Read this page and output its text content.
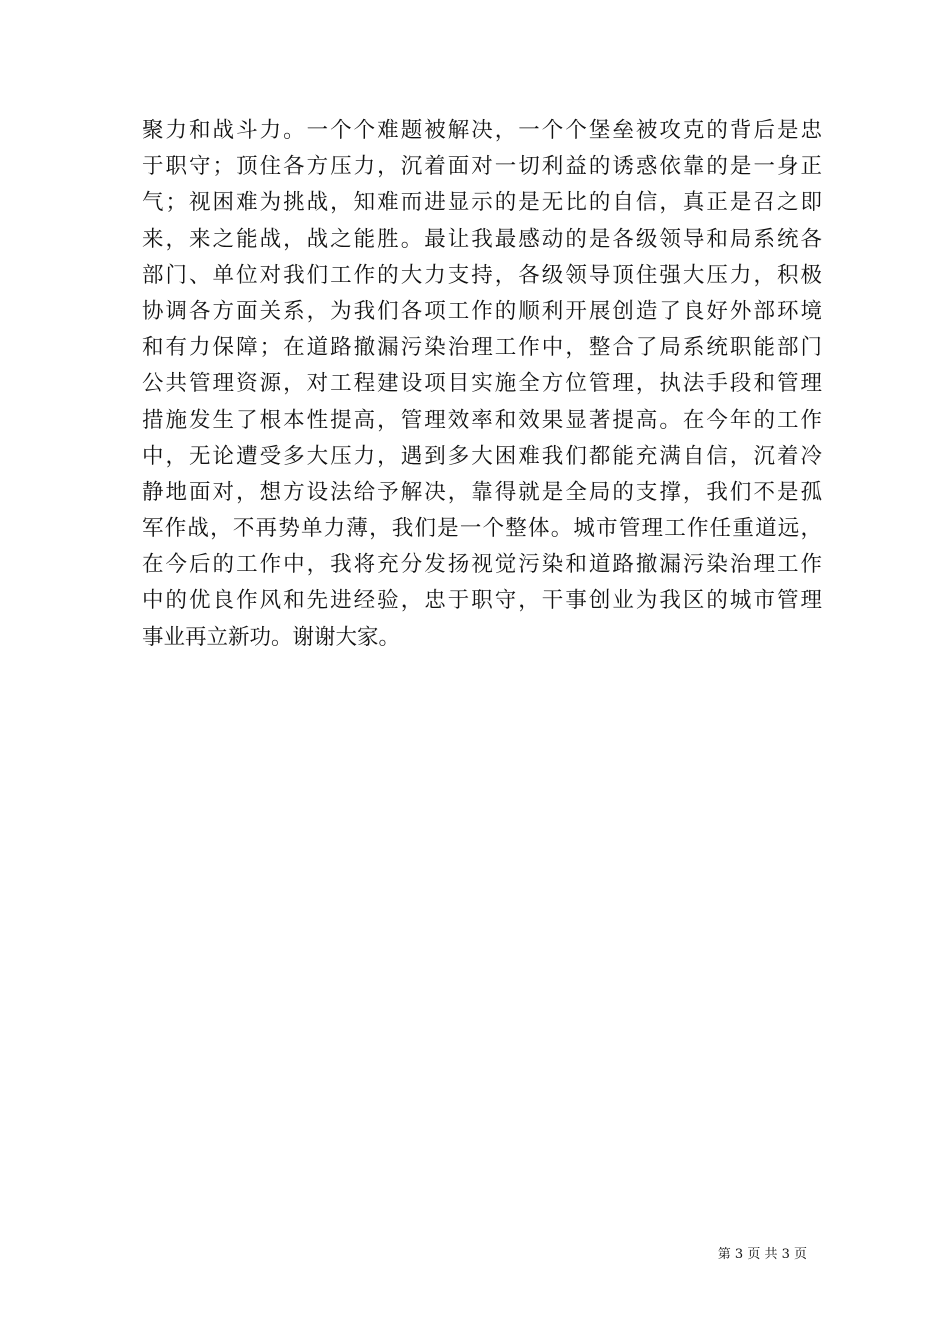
聚力和战斗力。一个个难题被解决，一个个堡垒被攻克的背后是忠
于职守；顶住各方压力，沉着面对一切利益的诱惑依靠的是一身正
气；视困难为挑战，知难而进显示的是无比的自信，真正是召之即
来，来之能战，战之能胜。最让我最感动的是各级领导和局系统各
部门、单位对我们工作的大力支持，各级领导顶住强大压力，积极
协调各方面关系，为我们各项工作的顺利开展创造了良好外部环境
和有力保障；在道路撤漏污染治理工作中，整合了局系统职能部门
公共管理资源，对工程建设项目实施全方位管理，执法手段和管理
措施发生了根本性提高，管理效率和效果显著提高。在今年的工作
中，无论遭受多大压力，遇到多大困难我们都能充满自信，沉着冷
静地面对，想方设法给予解决，靠得就是全局的支撑，我们不是孤
军作战，不再势单力薄，我们是一个整体。城市管理工作任重道远，
在今后的工作中，我将充分发扬视觉污染和道路撤漏污染治理工作
中的优良作风和先进经验，忠于职守，干事创业为我区的城市管理
事业再立新功。谢谢大家。
第 3 页 共 3 页
